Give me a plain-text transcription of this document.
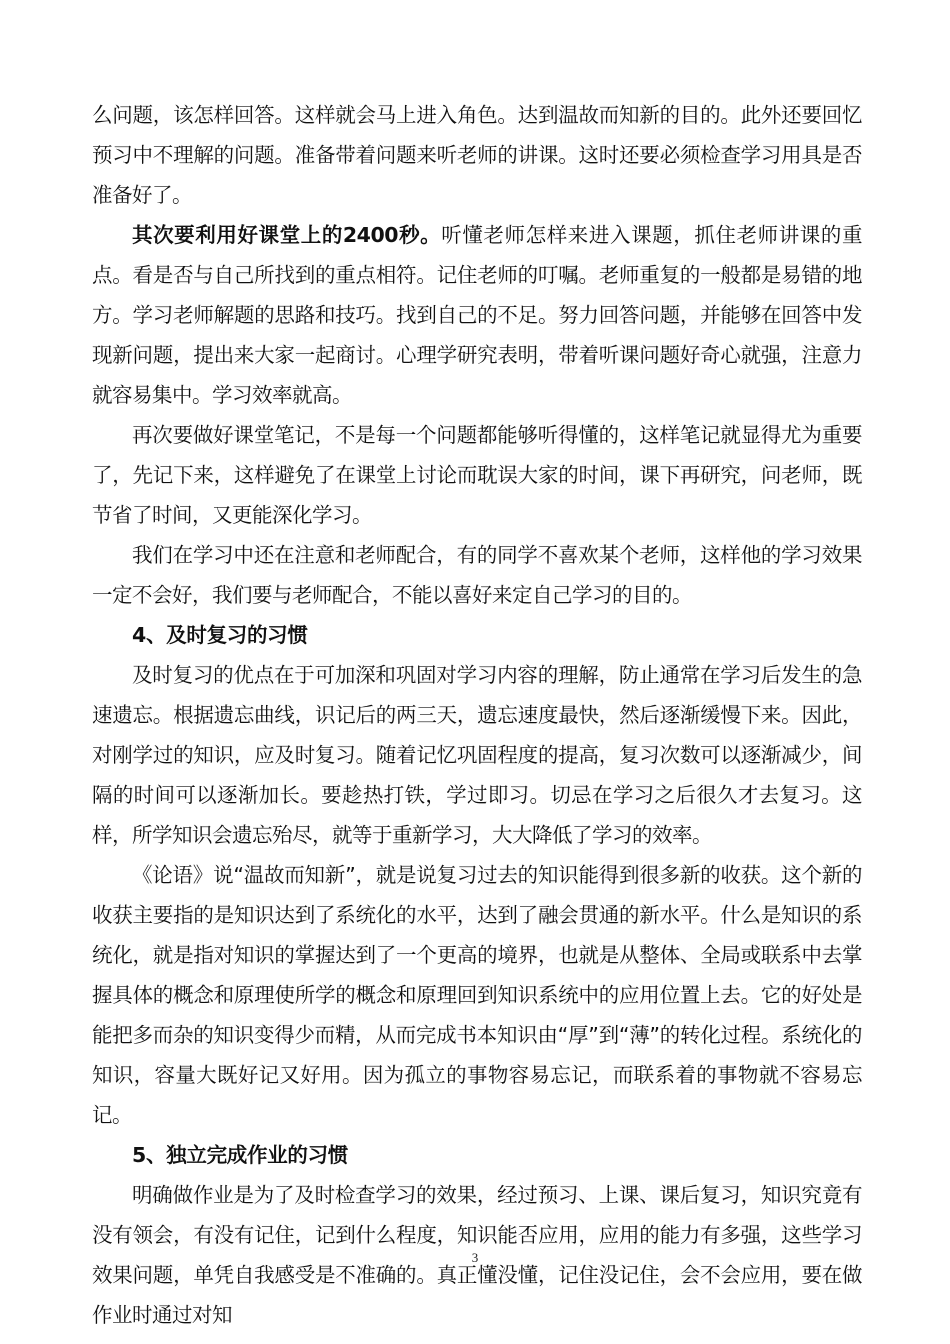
么问题，该怎样回答。这样就会马上进入角色。达到温故而知新的目的。此外还要回忆预习中不理解的问题。准备带着问题来听老师的讲课。这时还要必须检查学习用具是否准备好了。

其次要利用好课堂上的2400秒。听懂老师怎样来进入课题，抓住老师讲课的重点。看是否与自己所找到的重点相符。记住老师的叮嘱。老师重复的一般都是易错的地方。学习老师解题的思路和技巧。找到自己的不足。努力回答问题，并能够在回答中发现新问题，提出来大家一起商讨。心理学研究表明，带着听课问题好奇心就强，注意力就容易集中。学习效率就高。

再次要做好课堂笔记，不是每一个问题都能够听得懂的，这样笔记就显得尤为重要了，先记下来，这样避免了在课堂上讨论而耽误大家的时间，课下再研究，问老师，既节省了时间，又更能深化学习。

我们在学习中还在注意和老师配合，有的同学不喜欢某个老师，这样他的学习效果一定不会好，我们要与老师配合，不能以喜好来定自己学习的目的。

4、及时复习的习惯

及时复习的优点在于可加深和巩固对学习内容的理解，防止通常在学习后发生的急速遗忘。根据遗忘曲线，识记后的两三天，遗忘速度最快，然后逐渐缓慢下来。因此，对刚学过的知识，应及时复习。随着记忆巩固程度的提高，复习次数可以逐渐减少，间隔的时间可以逐渐加长。要趁热打铁，学过即习。切忌在学习之后很久才去复习。这样，所学知识会遗忘殆尽，就等于重新学习，大大降低了学习的效率。

《论语》说“温故而知新”，就是说复习过去的知识能得到很多新的收获。这个新的收获主要指的是知识达到了系统化的水平，达到了融会贯通的新水平。什么是知识的系统化，就是指对知识的掌握达到了一个更高的境界，也就是从整体、全局或联系中去掌握具体的概念和原理使所学的概念和原理回到知识系统中的应用位置上去。它的好处是能把多而杂的知识变得少而精，从而完成书本知识由“厚”到“薄”的转化过程。系统化的知识，容量大既好记又好用。因为孤立的事物容易忘记，而联系着的事物就不容易忘记。

5、独立完成作业的习惯

明确做作业是为了及时检查学习的效果，经过预习、上课、课后复习，知识究竟有没有领会，有没有记住，记到什么程度，知识能否应用，应用的能力有多强，这些学习效果问题，单凭自我感受是不准确的。真正懂没懂，记住没记住，会不会应用，要在做作业时通过对知

3
